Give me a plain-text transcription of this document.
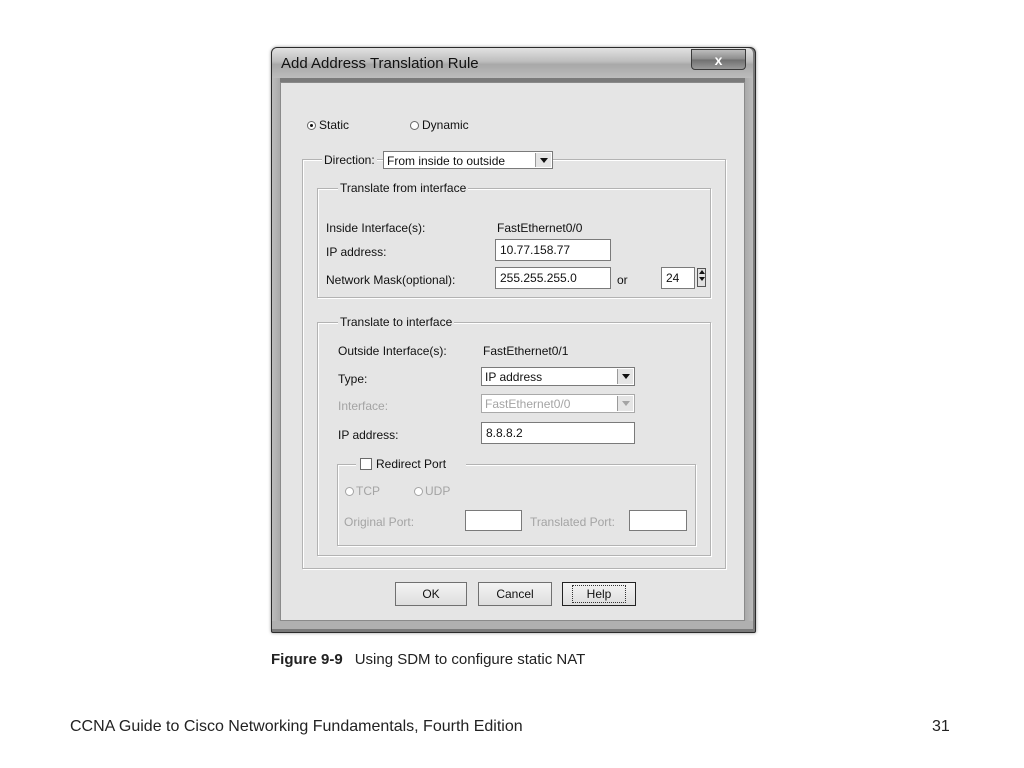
Add Address Translation Rule	x
Static	Dynamic
Direction:	From inside to outside
Translate from interface
Inside Interface(s):	FastEthernet0/0
IP address:	10.77.158.77
Network Mask(optional):	255.255.255.0	or	24
Translate to interface
Outside Interface(s):	FastEthernet0/1
Type:	IP address
Interface:	FastEthernet0/0
IP address:	8.8.8.2
Redirect Port
TCP	UDP
Original Port:	Translated Port:
OK	Cancel	Help
Figure 9-9 Using SDM to configure static NAT
CCNA Guide to Cisco Networking Fundamentals, Fourth Edition	31
